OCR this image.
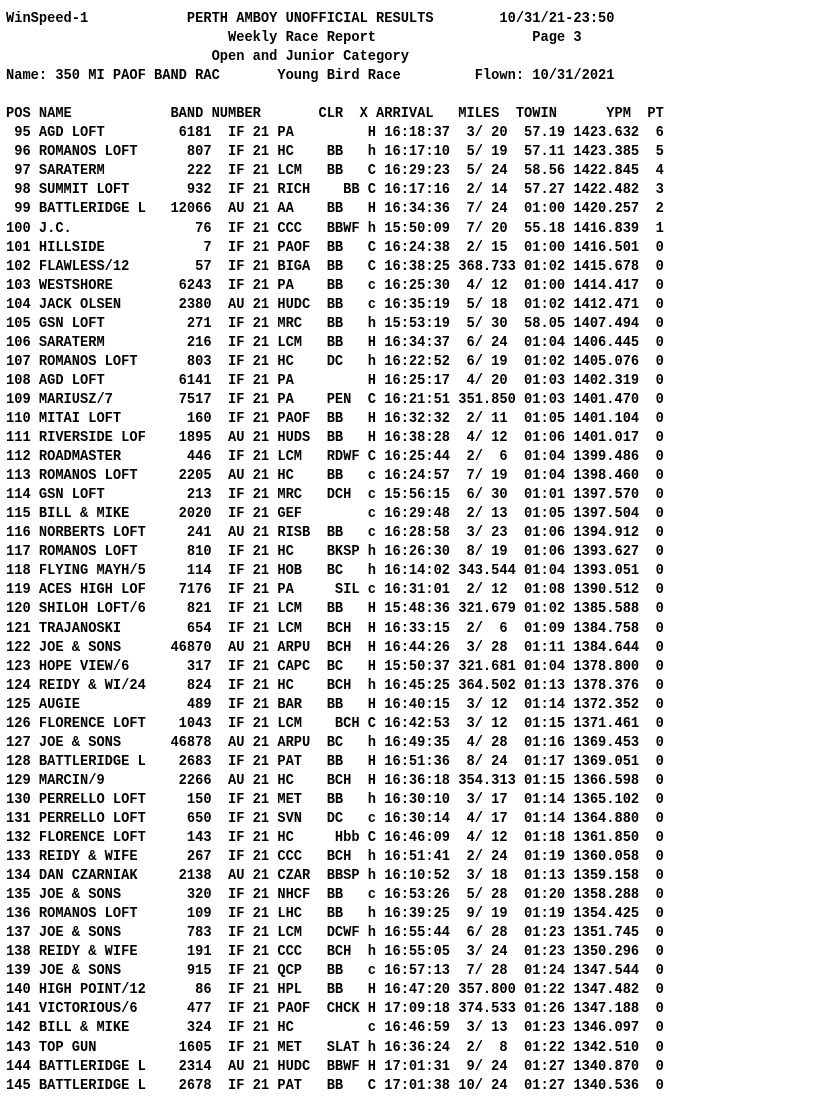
WinSpeed-1            PERTH AMBOY UNOFFICIAL RESULTS        10/31/21-23:50
Weekly Race Report                   Page 3
Open and Junior Category
Name: 350 MI PAOF BAND RAC       Young Bird Race         Flown: 10/31/2021

POS NAME            BAND NUMBER       CLR  X ARRIVAL   MILES  TOWIN      YPM  PT
95 AGD LOFT         6181  IF 21 PA         H 16:18:37  3/ 20  57.19 1423.632  6
96 ROMANOS LOFT      807  IF 21 HC    BB   h 16:17:10  5/ 19  57.11 1423.385  5
97 SARATERM          222  IF 21 LCM   BB   C 16:29:23  5/ 24  58.56 1422.845  4
98 SUMMIT LOFT       932  IF 21 RICH    BB C 16:17:16  2/ 14  57.27 1422.482  3
99 BATTLERIDGE L   12066  AU 21 AA    BB   H 16:34:36  7/ 24  01:00 1420.257  2
100 J.C.               76  IF 21 CCC   BBWF h 15:50:09  7/ 20  55.18 1416.839  1
101 HILLSIDE            7  IF 21 PAOF  BB   C 16:24:38  2/ 15  01:00 1416.501  0
102 FLAWLESS/12        57  IF 21 BIGA  BB   C 16:38:25 368.733 01:02 1415.678  0
103 WESTSHORE        6243  IF 21 PA    BB   c 16:25:30  4/ 12  01:00 1414.417  0
104 JACK OLSEN       2380  AU 21 HUDC  BB   c 16:35:19  5/ 18  01:02 1412.471  0
105 GSN LOFT          271  IF 21 MRC   BB   h 15:53:19  5/ 30  58.05 1407.494  0
106 SARATERM          216  IF 21 LCM   BB   H 16:34:37  6/ 24  01:04 1406.445  0
107 ROMANOS LOFT      803  IF 21 HC    DC   h 16:22:52  6/ 19  01:02 1405.076  0
108 AGD LOFT         6141  IF 21 PA         H 16:25:17  4/ 20  01:03 1402.319  0
109 MARIUSZ/7        7517  IF 21 PA    PEN  C 16:21:51 351.850 01:03 1401.470  0
110 MITAI LOFT        160  IF 21 PAOF  BB   H 16:32:32  2/ 11  01:05 1401.104  0
111 RIVERSIDE LOF    1895  AU 21 HUDS  BB   H 16:38:28  4/ 12  01:06 1401.017  0
112 ROADMASTER        446  IF 21 LCM   RDWF C 16:25:44  2/  6  01:04 1399.486  0
113 ROMANOS LOFT     2205  AU 21 HC    BB   c 16:24:57  7/ 19  01:04 1398.460  0
114 GSN LOFT          213  IF 21 MRC   DCH  c 15:56:15  6/ 30  01:01 1397.570  0
115 BILL & MIKE      2020  IF 21 GEF        c 16:29:48  2/ 13  01:05 1397.504  0
116 NORBERTS LOFT     241  AU 21 RISB  BB   c 16:28:58  3/ 23  01:06 1394.912  0
117 ROMANOS LOFT      810  IF 21 HC    BKSP h 16:26:30  8/ 19  01:06 1393.627  0
118 FLYING MAYH/5     114  IF 21 HOB   BC   h 16:14:02 343.544 01:04 1393.051  0
119 ACES HIGH LOF    7176  IF 21 PA     SIL c 16:31:01  2/ 12  01:08 1390.512  0
120 SHILOH LOFT/6     821  IF 21 LCM   BB   H 15:48:36 321.679 01:02 1385.588  0
121 TRAJANOSKI        654  IF 21 LCM   BCH  H 16:33:15  2/  6  01:09 1384.758  0
122 JOE & SONS      46870  AU 21 ARPU  BCH  H 16:44:26  3/ 28  01:11 1384.644  0
123 HOPE VIEW/6       317  IF 21 CAPC  BC   H 15:50:37 321.681 01:04 1378.800  0
124 REIDY & WI/24     824  IF 21 HC    BCH  h 16:45:25 364.502 01:13 1378.376  0
125 AUGIE             489  IF 21 BAR   BB   H 16:40:15  3/ 12  01:14 1372.352  0
126 FLORENCE LOFT    1043  IF 21 LCM    BCH C 16:42:53  3/ 12  01:15 1371.461  0
127 JOE & SONS      46878  AU 21 ARPU  BC   h 16:49:35  4/ 28  01:16 1369.453  0
128 BATTLERIDGE L    2683  IF 21 PAT   BB   H 16:51:36  8/ 24  01:17 1369.051  0
129 MARCIN/9         2266  AU 21 HC    BCH  H 16:36:18 354.313 01:15 1366.598  0
130 PERRELLO LOFT     150  IF 21 MET   BB   h 16:30:10  3/ 17  01:14 1365.102  0
131 PERRELLO LOFT     650  IF 21 SVN   DC   c 16:30:14  4/ 17  01:14 1364.880  0
132 FLORENCE LOFT     143  IF 21 HC     Hbb C 16:46:09  4/ 12  01:18 1361.850  0
133 REIDY & WIFE      267  IF 21 CCC   BCH  h 16:51:41  2/ 24  01:19 1360.058  0
134 DAN CZARNIAK     2138  AU 21 CZAR  BBSP h 16:10:52  3/ 18  01:13 1359.158  0
135 JOE & SONS        320  IF 21 NHCF  BB   c 16:53:26  5/ 28  01:20 1358.288  0
136 ROMANOS LOFT      109  IF 21 LHC   BB   h 16:39:25  9/ 19  01:19 1354.425  0
137 JOE & SONS        783  IF 21 LCM   DCWF h 16:55:44  6/ 28  01:23 1351.745  0
138 REIDY & WIFE      191  IF 21 CCC   BCH  h 16:55:05  3/ 24  01:23 1350.296  0
139 JOE & SONS        915  IF 21 QCP   BB   c 16:57:13  7/ 28  01:24 1347.544  0
140 HIGH POINT/12      86  IF 21 HPL   BB   H 16:47:20 357.800 01:22 1347.482  0
141 VICTORIOUS/6      477  IF 21 PAOF  CHCK H 17:09:18 374.533 01:26 1347.188  0
142 BILL & MIKE       324  IF 21 HC         c 16:46:59  3/ 13  01:23 1346.097  0
143 TOP GUN          1605  IF 21 MET   SLAT h 16:36:24  2/  8  01:22 1342.510  0
144 BATTLERIDGE L    2314  AU 21 HUDC  BBWF H 17:01:31  9/ 24  01:27 1340.870  0
145 BATTLERIDGE L    2678  IF 21 PAT   BB   C 17:01:38 10/ 24  01:27 1340.536  0
